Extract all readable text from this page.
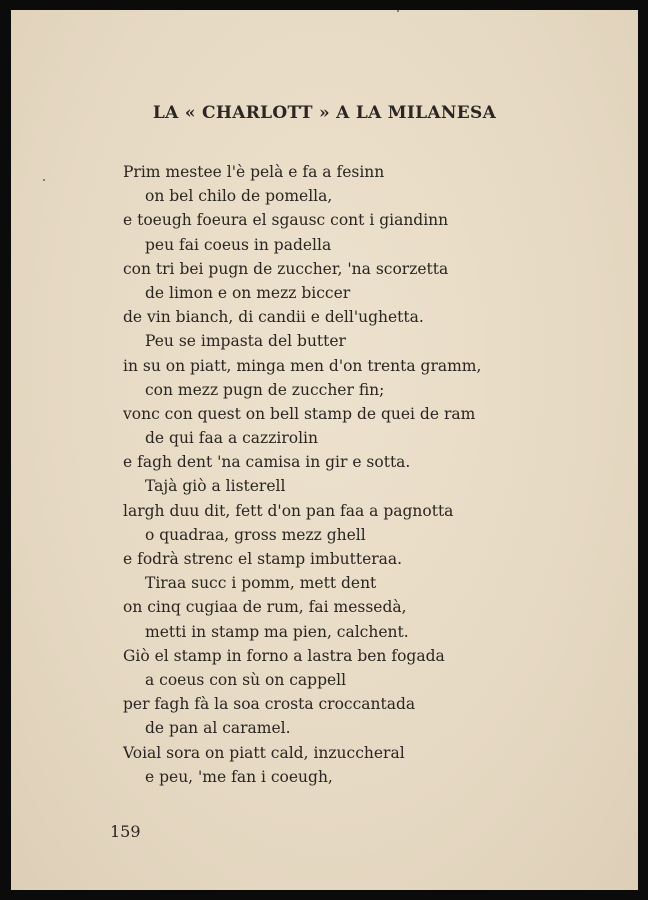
LA « CHARLOTT » A LA MILANESA
Prim mestee l'è pelà e fa a fesinn
on bel chilo de pomella,
e toeugh foeura el sgausc cont i giandinn
peu fai coeus in padella
con tri bei pugn de zuccher, 'na scorzetta
de limon e on mezz biccer
de vin bianch, di candii e dell'ughetta.
Peu se impasta del butter
in su on piatt, minga men d'on trenta gramm,
con mezz pugn de zuccher fin;
vonc con quest on bell stamp de quei de ram
de qui faa a cazzirolin
e fagh dent 'na camisa in gir e sotta.
Tajà giò a listerell
largh duu dit, fett d'on pan faa a pagnotta
o quadraa, gross mezz ghell
e fodrà strenc el stamp imbutteraa.
Tiraa succ i pomm, mett dent
on cinq cugiaa de rum, fai messedà,
metti in stamp ma pien, calchent.
Giò el stamp in forno a lastra ben fogada
a coeus con sù on cappell
per fagh fà la soa crosta croccantada
de pan al caramel.
Voial sora on piatt cald, inzuccheral
e peu, 'me fan i coeugh,
159
